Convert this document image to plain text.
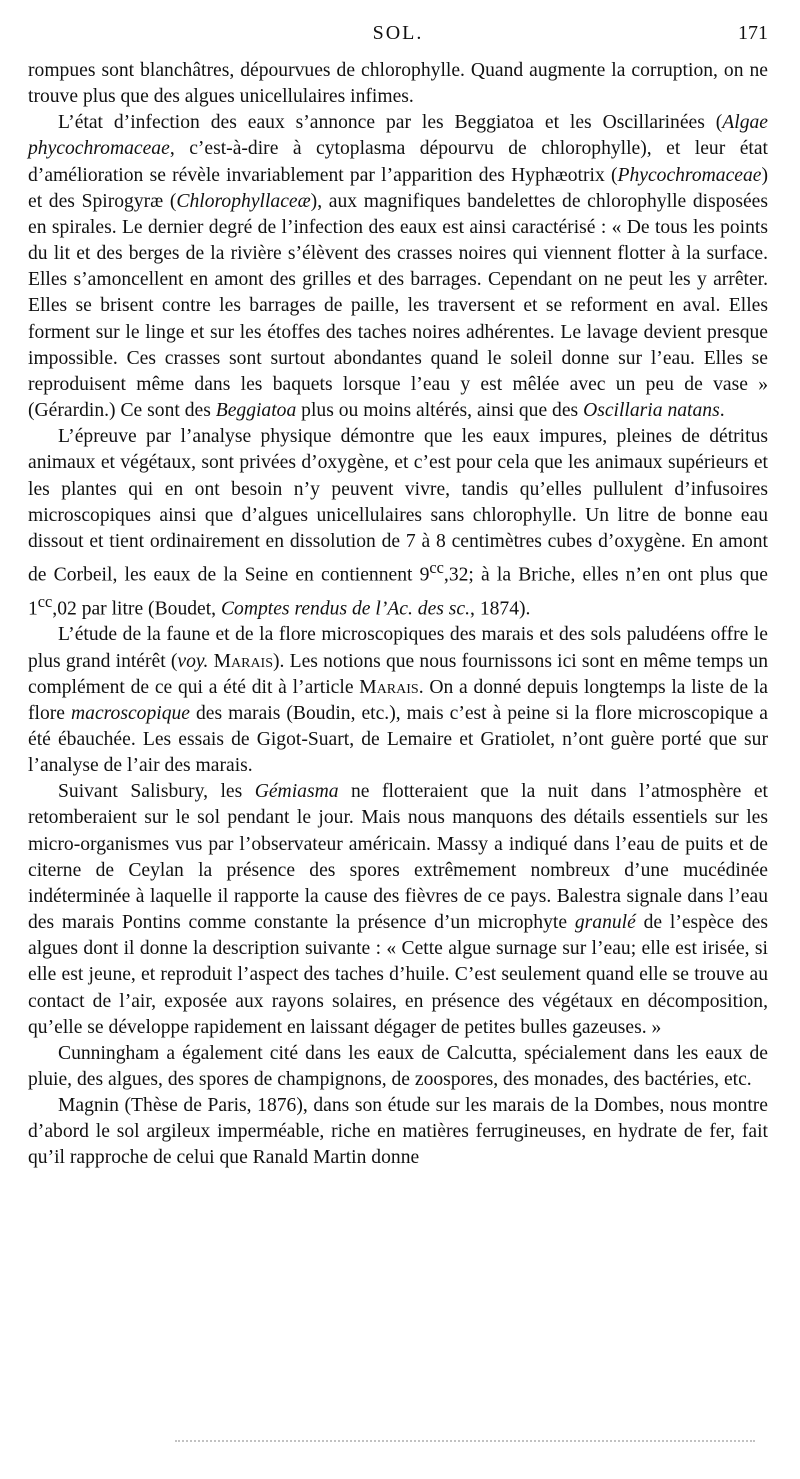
SOL.	171

rompues sont blanchâtres, dépourvues de chlorophylle. Quand augmente la corruption, on ne trouve plus que des algues unicellulaires infimes.

L’état d’infection des eaux s’annonce par les Beggiatoa et les Oscillarinées (Algae phycochromaceae, c’est-à-dire à cytoplasma dépourvu de chlorophylle), et leur état d’amélioration se révèle invariablement par l’apparition des Hyphæotrix (Phycochromaceae) et des Spirogyræ (Chlorophyllaceæ), aux magnifiques bandelettes de chlorophylle disposées en spirales. Le dernier degré de l’infection des eaux est ainsi caractérisé : « De tous les points du lit et des berges de la rivière s’élèvent des crasses noires qui viennent flotter à la surface. Elles s’amoncellent en amont des grilles et des barrages. Cependant on ne peut les y arrêter. Elles se brisent contre les barrages de paille, les traversent et se reforment en aval. Elles forment sur le linge et sur les étoffes des taches noires adhérentes. Le lavage devient presque impossible. Ces crasses sont surtout abondantes quand le soleil donne sur l’eau. Elles se reproduisent même dans les baquets lorsque l’eau y est mêlée avec un peu de vase » (Gérardin.) Ce sont des Beggiatoa plus ou moins altérés, ainsi que des Oscillaria natans.

L’épreuve par l’analyse physique démontre que les eaux impures, pleines de détritus animaux et végétaux, sont privées d’oxygène, et c’est pour cela que les animaux supérieurs et les plantes qui en ont besoin n’y peuvent vivre, tandis qu’elles pullulent d’infusoires microscopiques ainsi que d’algues unicellulaires sans chlorophylle. Un litre de bonne eau dissout et tient ordinairement en dissolution de 7 à 8 centimètres cubes d’oxygène. En amont de Corbeil, les eaux de la Seine en contiennent $9^{cc},32$; à la Briche, elles n’en ont plus que $1^{cc},02$ par litre (Boudet, Comptes rendus de l’Ac. des sc., 1874).

L’étude de la faune et de la flore microscopiques des marais et des sols paludéens offre le plus grand intérêt (voy. Marais). Les notions que nous fournissons ici sont en même temps un complément de ce qui a été dit à l’article Marais. On a donné depuis longtemps la liste de la flore macroscopique des marais (Boudin, etc.), mais c’est à peine si la flore microscopique a été ébauchée. Les essais de Gigot-Suart, de Lemaire et Gratiolet, n’ont guère porté que sur l’analyse de l’air des marais.

Suivant Salisbury, les Gémiasma ne flotteraient que la nuit dans l’atmosphère et retomberaient sur le sol pendant le jour. Mais nous manquons des détails essentiels sur les micro-organismes vus par l’observateur américain. Massy a indiqué dans l’eau de puits et de citerne de Ceylan la présence des spores extrêmement nombreux d’une mucédinée indéterminée à laquelle il rapporte la cause des fièvres de ce pays. Balestra signale dans l’eau des marais Pontins comme constante la présence d’un microphyte granulé de l’espèce des algues dont il donne la description suivante : « Cette algue surnage sur l’eau; elle est irisée, si elle est jeune, et reproduit l’aspect des taches d’huile. C’est seulement quand elle se trouve au contact de l’air, exposée aux rayons solaires, en présence des végétaux en décomposition, qu’elle se développe rapidement en laissant dégager de petites bulles gazeuses. »

Cunningham a également cité dans les eaux de Calcutta, spécialement dans les eaux de pluie, des algues, des spores de champignons, de zoospores, des monades, des bactéries, etc.

Magnin (Thèse de Paris, 1876), dans son étude sur les marais de la Dombes, nous montre d’abord le sol argileux imperméable, riche en matières ferrugineuses, en hydrate de fer, fait qu’il rapproche de celui que Ranald Martin donne
